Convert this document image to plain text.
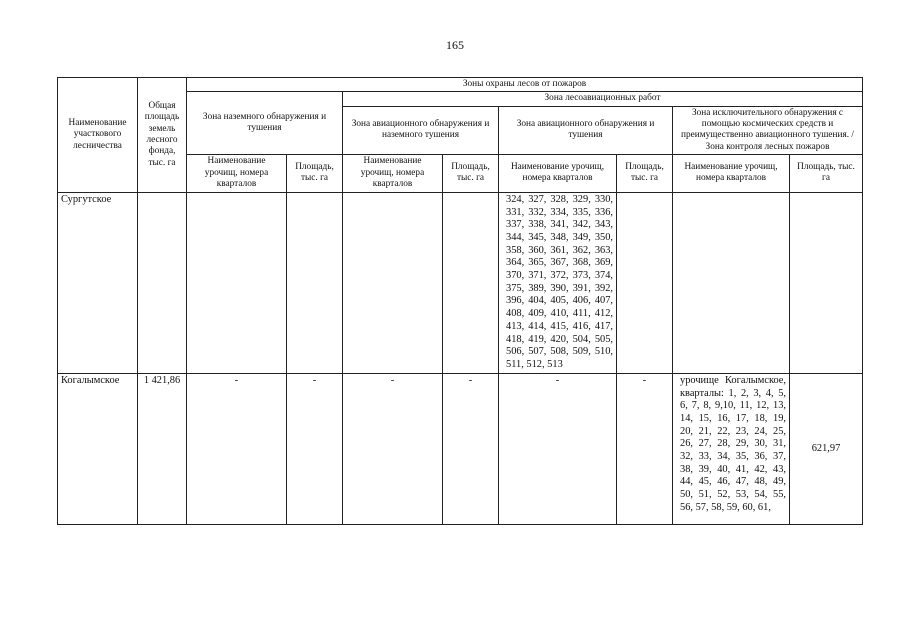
165
Наименование участкового лесничества	Общая площадь земель лесного фонда, тыс. га	Зоны охраны лесов от пожаров							
		Зона наземного обнаружения и тушения		Зона лесоавиационных работ					
				Зона авиационного обнаружения и наземного тушения		Зона авиационного обнаружения и тушения		Зона исключительного обнаружения с помощью космических средств и преимущественно авиационного тушения. / Зона контроля лесных пожаров	
		Наименование урочищ, номера кварталов	Площадь, тыс. га	Наименование урочищ, номера кварталов	Площадь, тыс. га	Наименование урочищ, номера кварталов	Площадь, тыс. га	Наименование урочищ, номера кварталов	Площадь, тыс. га
Сургутское						324, 327, 328, 329, 330, 331, 332, 334, 335, 336, 337, 338, 341, 342, 343, 344, 345, 348, 349, 350, 358, 360, 361, 362, 363, 364, 365, 367, 368, 369, 370, 371, 372, 373, 374, 375, 389, 390, 391, 392, 396, 404, 405, 406, 407, 408, 409, 410, 411, 412, 413, 414, 415, 416, 417, 418, 419, 420, 504, 505, 506, 507, 508, 509, 510, 511, 512, 513			
Когалымское	1 421,86	-	-	-	-	-	-	урочище Когалымское, кварталы: 1, 2, 3, 4, 5, 6, 7, 8, 9,10, 11, 12, 13, 14, 15, 16, 17, 18, 19, 20, 21, 22, 23, 24, 25, 26, 27, 28, 29, 30, 31, 32, 33, 34, 35, 36, 37, 38, 39, 40, 41, 42, 43, 44, 45, 46, 47, 48, 49, 50, 51, 52, 53, 54, 55, 56, 57, 58, 59, 60, 61,	621,97
